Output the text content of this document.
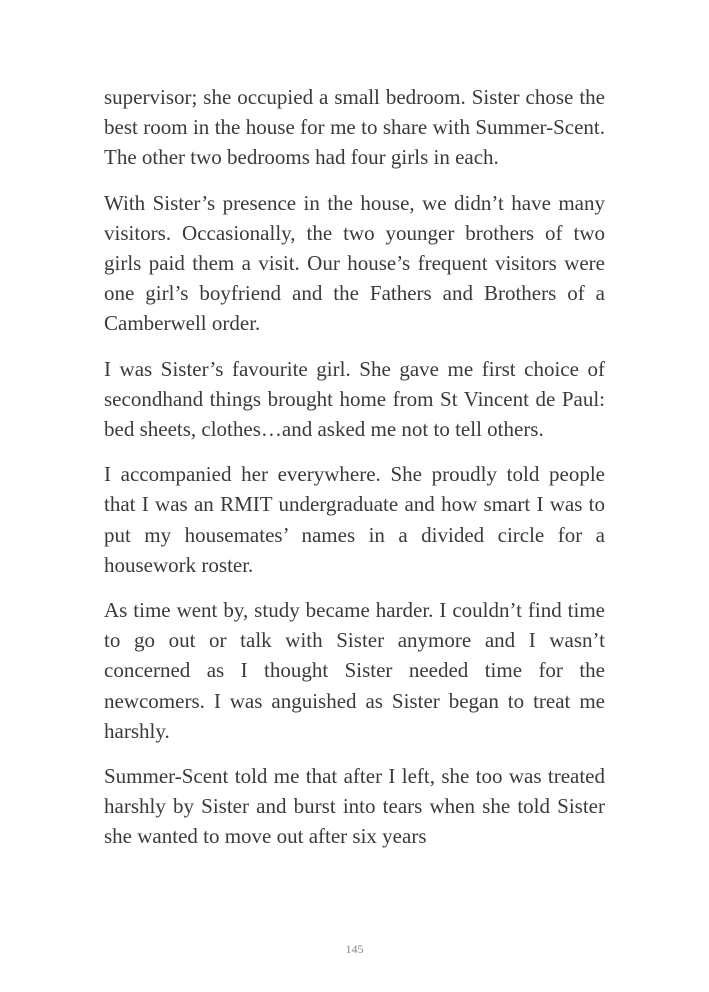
supervisor; she occupied a small bedroom. Sister chose the best room in the house for me to share with Summer-Scent. The other two bedrooms had four girls in each.

With Sister’s presence in the house, we didn’t have many visitors. Occasionally, the two younger brothers of two girls paid them a visit. Our house’s frequent visitors were one girl’s boyfriend and the Fathers and Brothers of a Camberwell order.

I was Sister’s favourite girl. She gave me first choice of secondhand things brought home from St Vincent de Paul: bed sheets, clothes…and asked me not to tell others.

I accompanied her everywhere. She proudly told people that I was an RMIT undergraduate and how smart I was to put my housemates’ names in a divided circle for a housework roster.

As time went by, study became harder. I couldn’t find time to go out or talk with Sister anymore and I wasn’t concerned as I thought Sister needed time for the newcomers. I was anguished as Sister began to treat me harshly.

Summer-Scent told me that after I left, she too was treated harshly by Sister and burst into tears when she told Sister she wanted to move out after six years

145
